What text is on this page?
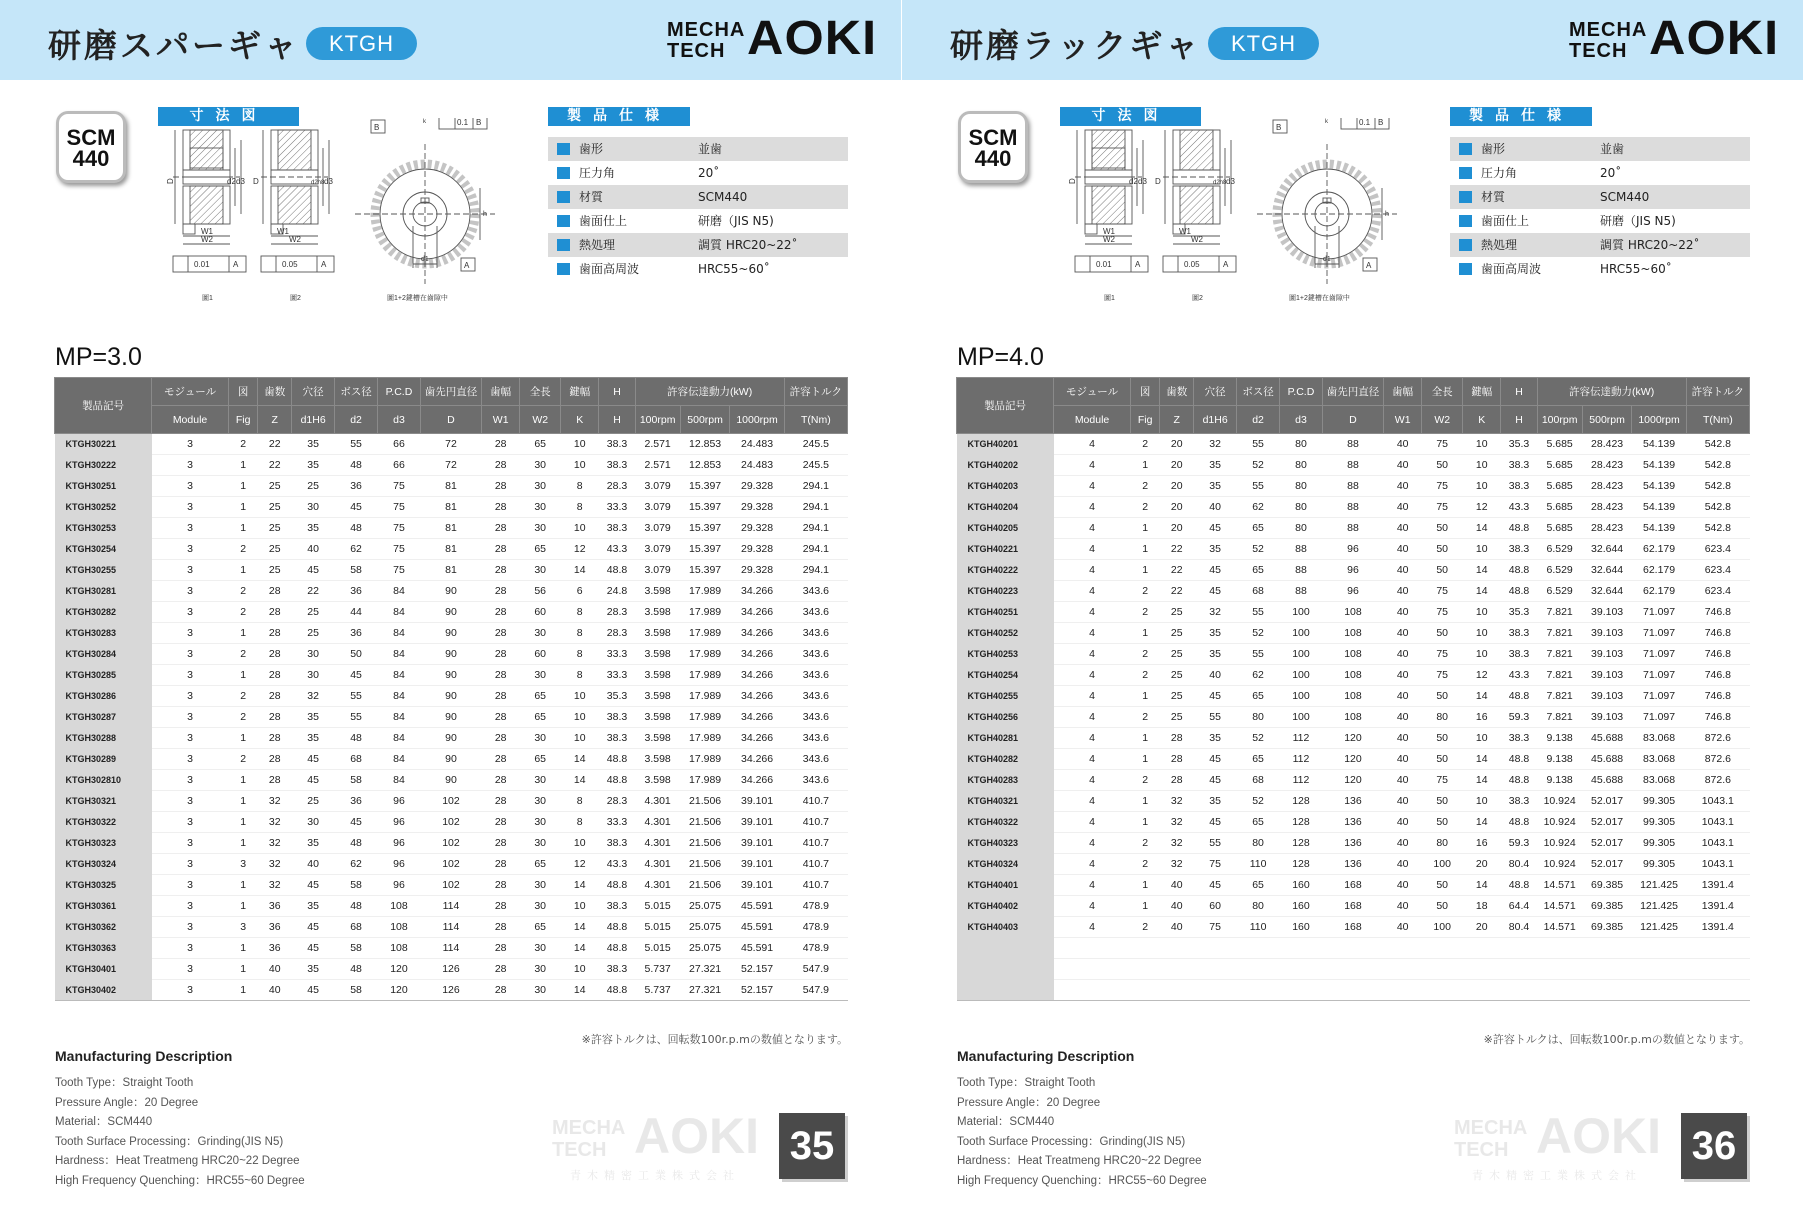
研磨スパーギャ	KTGH
MECHA
TECH AOKI
SCM
440
寸法図	製品仕様
D	d2 d3
W1
W2
0.01	A
圖1
D	d2h8 d3
W1
W2
0.05	A
圖2
B
0.1 B
k
h
d1
A
圖1+2鍵槽在齒隙中
歯形	並歯
圧力角	20˚
材質	SCM440
歯面仕上	研磨（JIS N5)
熱処理	調質 HRC20~22˚
歯面高周波	HRC55~60˚
MP=3.0
製品記号	モジュール	図	歯数	穴径	ボス径	P.C.D	歯先円直径	歯幅	全長	鍵幅	H	許容伝達動力(kW)			許容トルク
	Module	Fig	Z	d1H6	d2	d3	D	W1	W2	K	H	100rpm	500rpm	1000rpm	T(Nm)
KTGH30221	3	2	22	35	55	66	72	28	65	10	38.3	2.571	12.853	24.483	245.5
KTGH30222	3	1	22	35	48	66	72	28	30	10	38.3	2.571	12.853	24.483	245.5
KTGH30251	3	1	25	25	36	75	81	28	30	8	28.3	3.079	15.397	29.328	294.1
KTGH30252	3	1	25	30	45	75	81	28	30	8	33.3	3.079	15.397	29.328	294.1
KTGH30253	3	1	25	35	48	75	81	28	30	10	38.3	3.079	15.397	29.328	294.1
KTGH30254	3	2	25	40	62	75	81	28	65	12	43.3	3.079	15.397	29.328	294.1
KTGH30255	3	1	25	45	58	75	81	28	30	14	48.8	3.079	15.397	29.328	294.1
KTGH30281	3	2	28	22	36	84	90	28	56	6	24.8	3.598	17.989	34.266	343.6
KTGH30282	3	2	28	25	44	84	90	28	60	8	28.3	3.598	17.989	34.266	343.6
KTGH30283	3	1	28	25	36	84	90	28	30	8	28.3	3.598	17.989	34.266	343.6
KTGH30284	3	2	28	30	50	84	90	28	60	8	33.3	3.598	17.989	34.266	343.6
KTGH30285	3	1	28	30	45	84	90	28	30	8	33.3	3.598	17.989	34.266	343.6
KTGH30286	3	2	28	32	55	84	90	28	65	10	35.3	3.598	17.989	34.266	343.6
KTGH30287	3	2	28	35	55	84	90	28	65	10	38.3	3.598	17.989	34.266	343.6
KTGH30288	3	1	28	35	48	84	90	28	30	10	38.3	3.598	17.989	34.266	343.6
KTGH30289	3	2	28	45	68	84	90	28	65	14	48.8	3.598	17.989	34.266	343.6
KTGH302810	3	1	28	45	58	84	90	28	30	14	48.8	3.598	17.989	34.266	343.6
KTGH30321	3	1	32	25	36	96	102	28	30	8	28.3	4.301	21.506	39.101	410.7
KTGH30322	3	1	32	30	45	96	102	28	30	8	33.3	4.301	21.506	39.101	410.7
KTGH30323	3	1	32	35	48	96	102	28	30	10	38.3	4.301	21.506	39.101	410.7
KTGH30324	3	3	32	40	62	96	102	28	65	12	43.3	4.301	21.506	39.101	410.7
KTGH30325	3	1	32	45	58	96	102	28	30	14	48.8	4.301	21.506	39.101	410.7
KTGH30361	3	1	36	35	48	108	114	28	30	10	38.3	5.015	25.075	45.591	478.9
KTGH30362	3	3	36	45	68	108	114	28	65	14	48.8	5.015	25.075	45.591	478.9
KTGH30363	3	1	36	45	58	108	114	28	30	14	48.8	5.015	25.075	45.591	478.9
KTGH30401	3	1	40	35	48	120	126	28	30	10	38.3	5.737	27.321	52.157	547.9
KTGH30402	3	1	40	45	58	120	126	28	30	14	48.8	5.737	27.321	52.157	547.9
※許容トルクは、回転数100r.p.mの数値となります。
Manufacturing Description
Tooth Type：Straight Tooth
Pressure Angle：20 Degree
Material：SCM440
Tooth Surface Processing：Grinding(JIS N5)
Hardness：Heat Treatmeng HRC20~22 Degree
High Frequency Quenching：HRC55~60 Degree
MECHA
TECH AOKI
青木精密工業株式会社
35
研磨ラックギャ	KTGH
MECHA
TECH AOKI
SCM
440
寸法図	製品仕様
D	d2 d3
W1
W2
0.01	A
圖1
D	d2h8 d3
W1
W2
0.05	A
圖2
B
0.1 B
k
h
d1
A
圖1+2鍵槽在齒隙中
歯形	並歯
圧力角	20˚
材質	SCM440
歯面仕上	研磨（JIS N5)
熱処理	調質 HRC20~22˚
歯面高周波	HRC55~60˚
MP=4.0
製品記号	モジュール	図	歯数	穴径	ボス径	P.C.D	歯先円直径	歯幅	全長	鍵幅	H	許容伝達動力(kW)			許容トルク
	Module	Fig	Z	d1H6	d2	d3	D	W1	W2	K	H	100rpm	500rpm	1000rpm	T(Nm)
KTGH40201	4	2	20	32	55	80	88	40	75	10	35.3	5.685	28.423	54.139	542.8
KTGH40202	4	1	20	35	52	80	88	40	50	10	38.3	5.685	28.423	54.139	542.8
KTGH40203	4	2	20	35	55	80	88	40	75	10	38.3	5.685	28.423	54.139	542.8
KTGH40204	4	2	20	40	62	80	88	40	75	12	43.3	5.685	28.423	54.139	542.8
KTGH40205	4	1	20	45	65	80	88	40	50	14	48.8	5.685	28.423	54.139	542.8
KTGH40221	4	1	22	35	52	88	96	40	50	10	38.3	6.529	32.644	62.179	623.4
KTGH40222	4	1	22	45	65	88	96	40	50	14	48.8	6.529	32.644	62.179	623.4
KTGH40223	4	2	22	45	68	88	96	40	75	14	48.8	6.529	32.644	62.179	623.4
KTGH40251	4	2	25	32	55	100	108	40	75	10	35.3	7.821	39.103	71.097	746.8
KTGH40252	4	1	25	35	52	100	108	40	50	10	38.3	7.821	39.103	71.097	746.8
KTGH40253	4	2	25	35	55	100	108	40	75	10	38.3	7.821	39.103	71.097	746.8
KTGH40254	4	2	25	40	62	100	108	40	75	12	43.3	7.821	39.103	71.097	746.8
KTGH40255	4	1	25	45	65	100	108	40	50	14	48.8	7.821	39.103	71.097	746.8
KTGH40256	4	2	25	55	80	100	108	40	80	16	59.3	7.821	39.103	71.097	746.8
KTGH40281	4	1	28	35	52	112	120	40	50	10	38.3	9.138	45.688	83.068	872.6
KTGH40282	4	1	28	45	65	112	120	40	50	14	48.8	9.138	45.688	83.068	872.6
KTGH40283	4	2	28	45	68	112	120	40	75	14	48.8	9.138	45.688	83.068	872.6
KTGH40321	4	1	32	35	52	128	136	40	50	10	38.3	10.924	52.017	99.305	1043.1
KTGH40322	4	1	32	45	65	128	136	40	50	14	48.8	10.924	52.017	99.305	1043.1
KTGH40323	4	2	32	55	80	128	136	40	80	16	59.3	10.924	52.017	99.305	1043.1
KTGH40324	4	2	32	75	110	128	136	40	100	20	80.4	10.924	52.017	99.305	1043.1
KTGH40401	4	1	40	45	65	160	168	40	50	14	48.8	14.571	69.385	121.425	1391.4
KTGH40402	4	1	40	60	80	160	168	40	50	18	64.4	14.571	69.385	121.425	1391.4
KTGH40403	4	2	40	75	110	160	168	40	100	20	80.4	14.571	69.385	121.425	1391.4

※許容トルクは、回転数100r.p.mの数値となります。
Manufacturing Description
Tooth Type：Straight Tooth
Pressure Angle：20 Degree
Material：SCM440
Tooth Surface Processing：Grinding(JIS N5)
Hardness：Heat Treatmeng HRC20~22 Degree
High Frequency Quenching：HRC55~60 Degree
MECHA
TECH AOKI
青木精密工業株式会社
36
